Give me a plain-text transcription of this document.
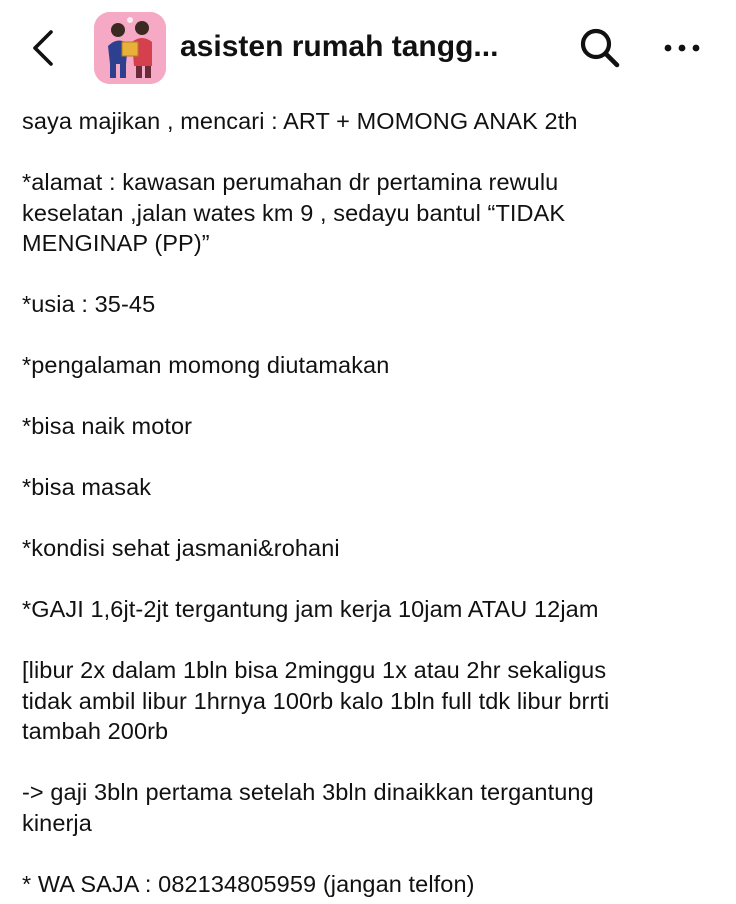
asisten rumah tangg...

saya majikan , mencari : ART + MOMONG ANAK 2th

*alamat : kawasan perumahan dr pertamina rewulu
keselatan ,jalan wates km 9 , sedayu bantul “TIDAK
MENGINAP (PP)”

*usia : 35-45

*pengalaman momong diutamakan

*bisa naik motor

*bisa masak

*kondisi sehat jasmani&rohani

*GAJI 1,6jt-2jt tergantung jam kerja 10jam ATAU 12jam

[libur 2x dalam 1bln bisa 2minggu 1x atau 2hr sekaligus
tidak ambil libur 1hrnya 100rb kalo 1bln full tdk libur brrti
tambah 200rb

-> gaji 3bln pertama setelah 3bln dinaikkan tergantung
kinerja

* WA SAJA : 082134805959 (jangan telfon)
